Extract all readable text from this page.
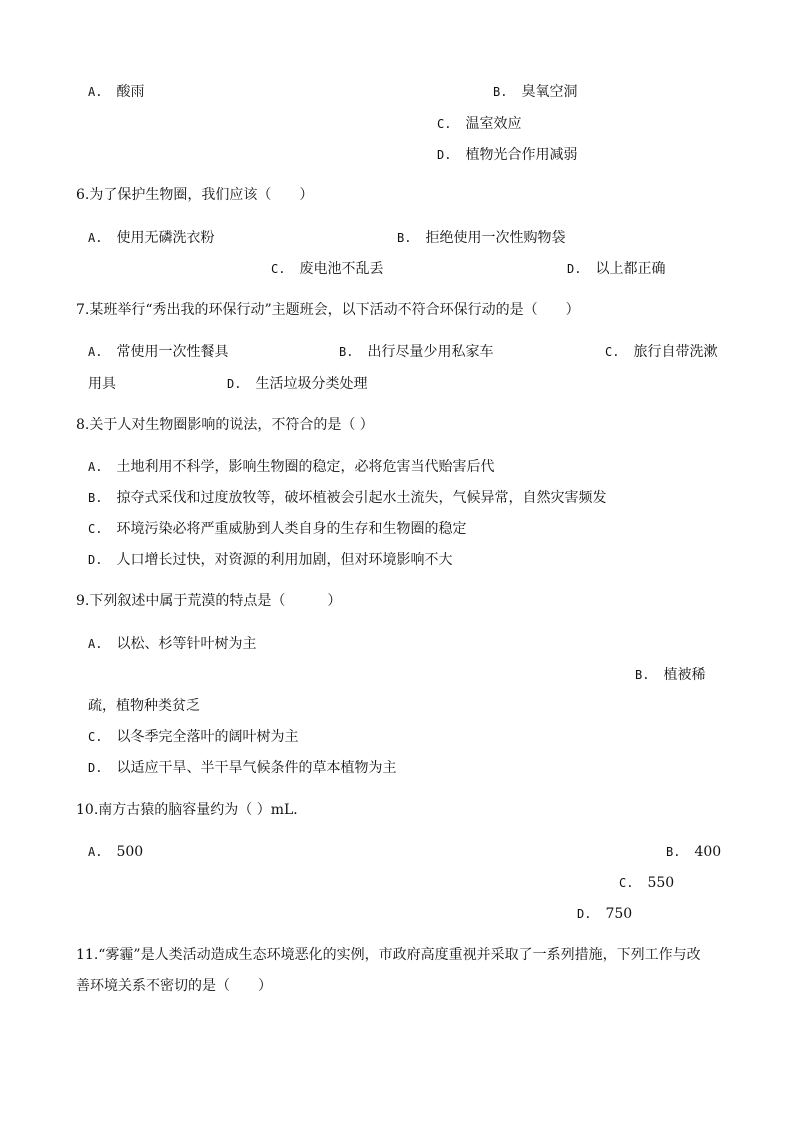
A. 酸雨	B. 臭氧空洞
C. 温室效应
D. 植物光合作用减弱
6.为了保护生物圈，我们应该（　　）
A. 使用无磷洗衣粉	B. 拒绝使用一次性购物袋
C. 废电池不乱丢	D. 以上都正确
7.某班举行“秀出我的环保行动”主题班会，以下活动不符合环保行动的是（　　）
A. 常使用一次性餐具	B. 出行尽量少用私家车	C. 旅行自带洗漱
用具	D. 生活垃圾分类处理
8.关于人对生物圈影响的说法，不符合的是（ ）
A. 土地利用不科学，影响生物圈的稳定，必将危害当代贻害后代
B. 掠夺式采伐和过度放牧等，破坏植被会引起水土流失，气候异常，自然灾害频发
C. 环境污染必将严重威胁到人类自身的生存和生物圈的稳定
D. 人口增长过快，对资源的利用加剧，但对环境影响不大
9.下列叙述中属于荒漠的特点是（　　　）
A. 以松、杉等针叶树为主
B. 植被稀
疏，植物种类贫乏
C. 以冬季完全落叶的阔叶树为主
D. 以适应干旱、半干旱气候条件的草本植物为主
10.南方古猿的脑容量约为（ ）mL．
A. 500	B. 400
C. 550
D. 750
11.“雾霾”是人类活动造成生态环境恶化的实例，市政府高度重视并采取了一系列措施，下列工作与改
善环境关系不密切的是（　　）
